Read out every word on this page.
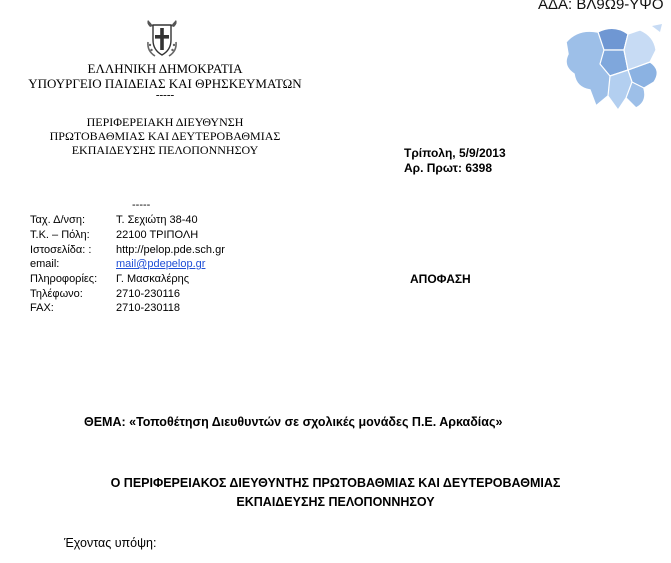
ΑΔΑ: ΒΛ9Ω9-ΥΨΟ
ΕΛΛΗΝΙΚΗ ΔΗΜΟΚΡΑΤΙΑ
ΥΠΟΥΡΓΕΙΟ ΠΑΙΔΕΙΑΣ ΚΑΙ ΘΡΗΣΚΕΥΜΑΤΩΝ
-----
ΠΕΡΙΦΕΡΕΙΑΚΗ ΔΙΕΥΘΥΝΣΗ
ΠΡΩΤΟΒΑΘΜΙΑΣ ΚΑΙ ΔΕΥΤΕΡΟΒΑΘΜΙΑΣ
ΕΚΠΑΙΔΕΥΣΗΣ ΠΕΛΟΠΟΝΝΗΣΟΥ	Τρίπολη, 5/9/2013
Αρ. Πρωτ: 6398
-----
Ταχ. Δ/νση:	Τ. Σεχιώτη 38-40
Τ.Κ. – Πόλη: 22100 ΤΡΙΠΟΛΗ
Ιστοσελίδα: : http://pelop.pde.sch.gr
email:	mail@pdepelop.gr
Πληροφορίες: Γ. Μασκαλέρης
Τηλέφωνο:	2710-230116
FAX:	2710-230118
ΑΠΟΦΑΣΗ
ΘΕΜΑ: «Τοποθέτηση Διευθυντών σε σχολικές μονάδες Π.Ε. Αρκαδίας»
Ο ΠΕΡΙΦΕΡΕΙΑΚΟΣ ΔΙΕΥΘΥΝΤΗΣ ΠΡΩΤΟΒΑΘΜΙΑΣ ΚΑΙ ΔΕΥΤΕΡΟΒΑΘΜΙΑΣ
ΕΚΠΑΙΔΕΥΣΗΣ ΠΕΛΟΠΟΝΝΗΣΟΥ
Έχοντας υπόψη:
